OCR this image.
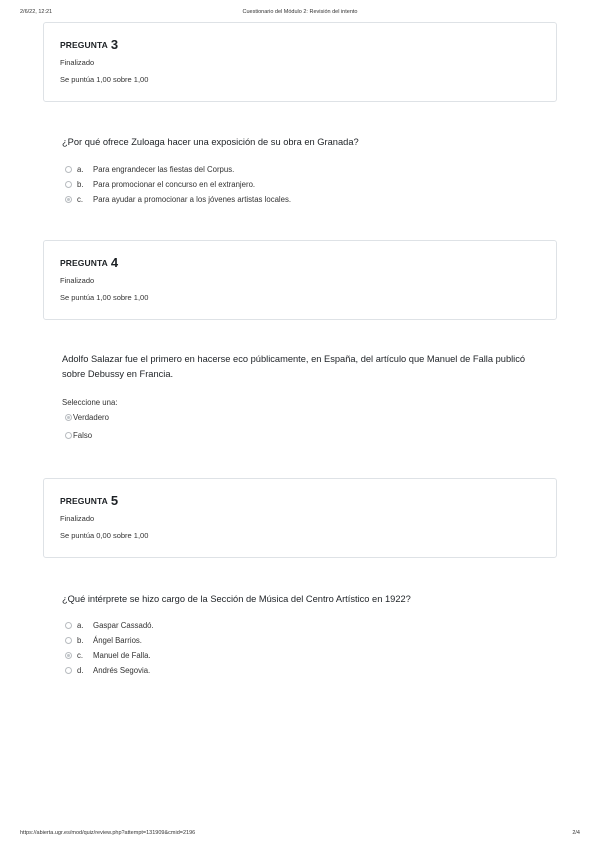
2/6/22, 12:21	Cuestionario del Módulo 2: Revisión del intento
PREGUNTA 3
Finalizado
Se puntúa 1,00 sobre 1,00
¿Por qué ofrece Zuloaga hacer una exposición de su obra en Granada?
a.	Para engrandecer las fiestas del Corpus.
b.	Para promocionar el concurso en el extranjero.
c.	Para ayudar a promocionar a los jóvenes artistas locales.
PREGUNTA 4
Finalizado
Se puntúa 1,00 sobre 1,00
Adolfo Salazar fue el primero en hacerse eco públicamente, en España, del artículo que Manuel de Falla publicó sobre Debussy en Francia.
Seleccione una:
Verdadero
Falso
PREGUNTA 5
Finalizado
Se puntúa 0,00 sobre 1,00
¿Qué intérprete se hizo cargo de la Sección de Música del Centro Artístico en 1922?
a.	Gaspar Cassadó.
b.	Ángel Barrios.
c.	Manuel de Falla.
d.	Andrés Segovia.
https://abierta.ugr.es/mod/quiz/review.php?attempt=131909&cmid=2196	2/4
